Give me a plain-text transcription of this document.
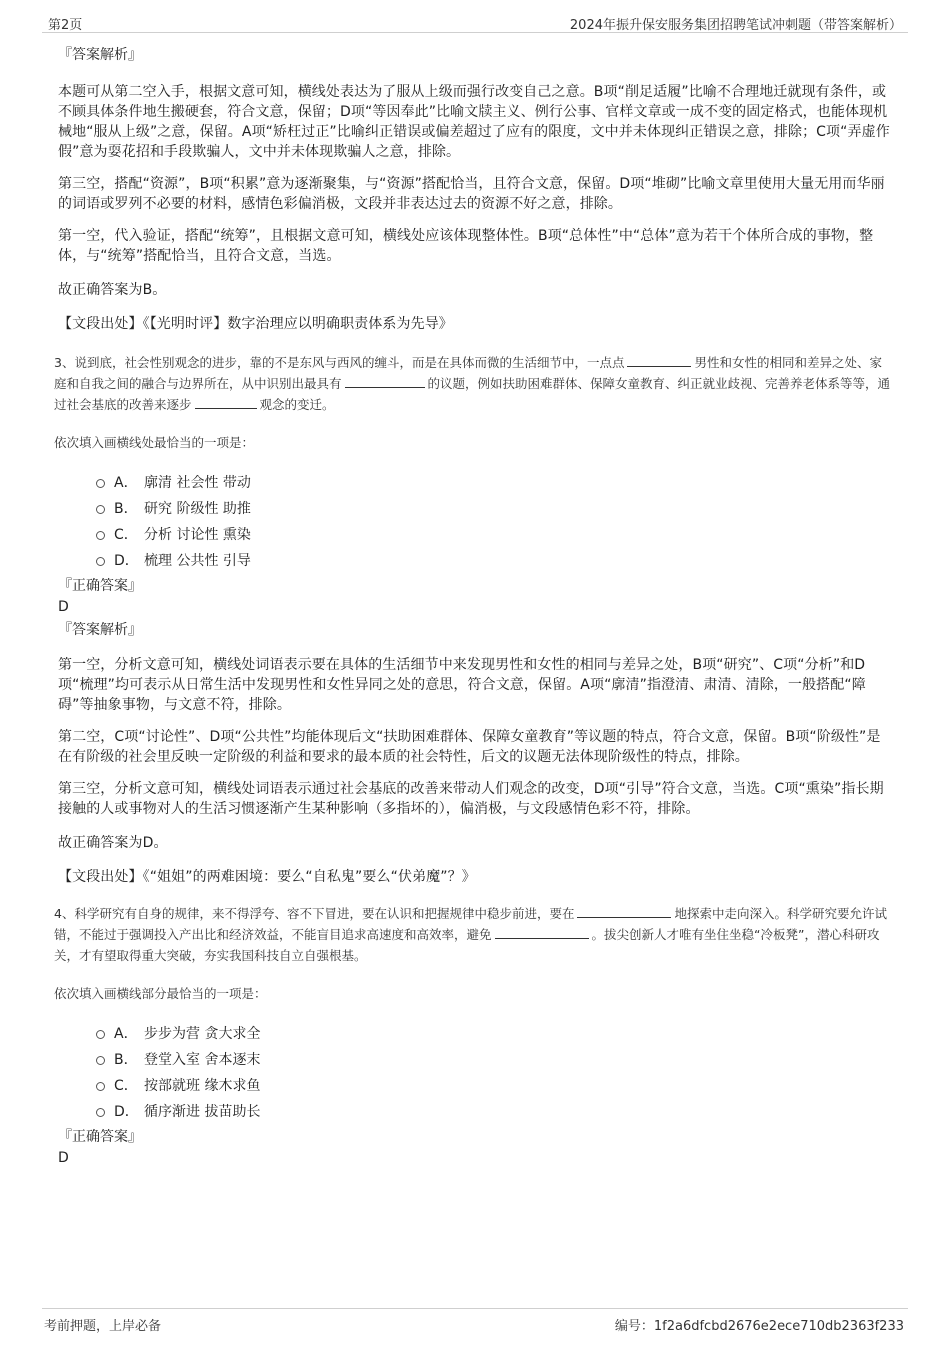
第2页	2024年振升保安服务集团招聘笔试冲刺题（带答案解析）
『答案解析』

本题可从第二空入手，根据文意可知，横线处表达为了服从上级而强行改变自己之意。B项“削足适履”比喻不合理地迁就现有条件，或不顾具体条件地生搬硬套，符合文意，保留；D项“等因奉此”比喻文牍主义、例行公事、官样文章或一成不变的固定格式，也能体现机械地“服从上级”之意，保留。A项“矫枉过正”比喻纠正错误或偏差超过了应有的限度，文中并未体现纠正错误之意，排除；C项“弄虚作假”意为耍花招和手段欺骗人，文中并未体现欺骗人之意，排除。

第三空，搭配“资源”，B项“积累”意为逐渐聚集，与“资源”搭配恰当，且符合文意，保留。D项“堆砌”比喻文章里使用大量无用而华丽的词语或罗列不必要的材料，感情色彩偏消极，文段并非表达过去的资源不好之意，排除。

第一空，代入验证，搭配“统筹”，且根据文意可知，横线处应该体现整体性。B项“总体性”中“总体”意为若干个体所合成的事物，整体，与“统筹”搭配恰当，且符合文意，当选。

故正确答案为B。

【文段出处】《【光明时评】数字治理应以明确职责体系为先导》

3、说到底，社会性别观念的进步，靠的不是东风与西风的缠斗，而是在具体而微的生活细节中，一点点	男性和女性的相同和差异之处、家庭和自我之间的融合与边界所在，从中识别出最具有	的议题，例如扶助困难群体、保障女童教育、纠正就业歧视、完善养老体系等等，通过社会基底的改善来逐步	观念的变迁。
依次填入画横线处最恰当的一项是：
A． 廓清 社会性 带动
B． 研究 阶级性 助推
C． 分析 讨论性 熏染
D． 梳理 公共性 引导
『正确答案』
D
『答案解析』

第一空，分析文意可知，横线处词语表示要在具体的生活细节中来发现男性和女性的相同与差异之处，B项“研究”、C项“分析”和D项“梳理”均可表示从日常生活中发现男性和女性异同之处的意思，符合文意，保留。A项“廓清”指澄清、肃清、清除，一般搭配“障碍”等抽象事物，与文意不符，排除。

第二空，C项“讨论性”、D项“公共性”均能体现后文“扶助困难群体、保障女童教育”等议题的特点，符合文意，保留。B项“阶级性”是在有阶级的社会里反映一定阶级的利益和要求的最本质的社会特性，后文的议题无法体现阶级性的特点，排除。

第三空，分析文意可知，横线处词语表示通过社会基底的改善来带动人们观念的改变，D项“引导”符合文意，当选。C项“熏染”指长期接触的人或事物对人的生活习惯逐渐产生某种影响（多指坏的），偏消极，与文段感情色彩不符，排除。

故正确答案为D。

【文段出处】《“姐姐”的两难困境：要么“自私鬼”要么“伏弟魔”？》

4、科学研究有自身的规律，来不得浮夸、容不下冒进，要在认识和把握规律中稳步前进，要在	地探索中走向深入。科学研究要允许试错，不能过于强调投入产出比和经济效益，不能盲目追求高速度和高效率，避免	。拔尖创新人才唯有坐住坐稳“冷板凳”，潜心科研攻关，才有望取得重大突破，夯实我国科技自立自强根基。
依次填入画横线部分最恰当的一项是：
A． 步步为营 贪大求全
B． 登堂入室 舍本逐末
C． 按部就班 缘木求鱼
D． 循序渐进 拔苗助长
『正确答案』
D
考前押题，上岸必备	编号：1f2a6dfcbd2676e2ece710db2363f233
